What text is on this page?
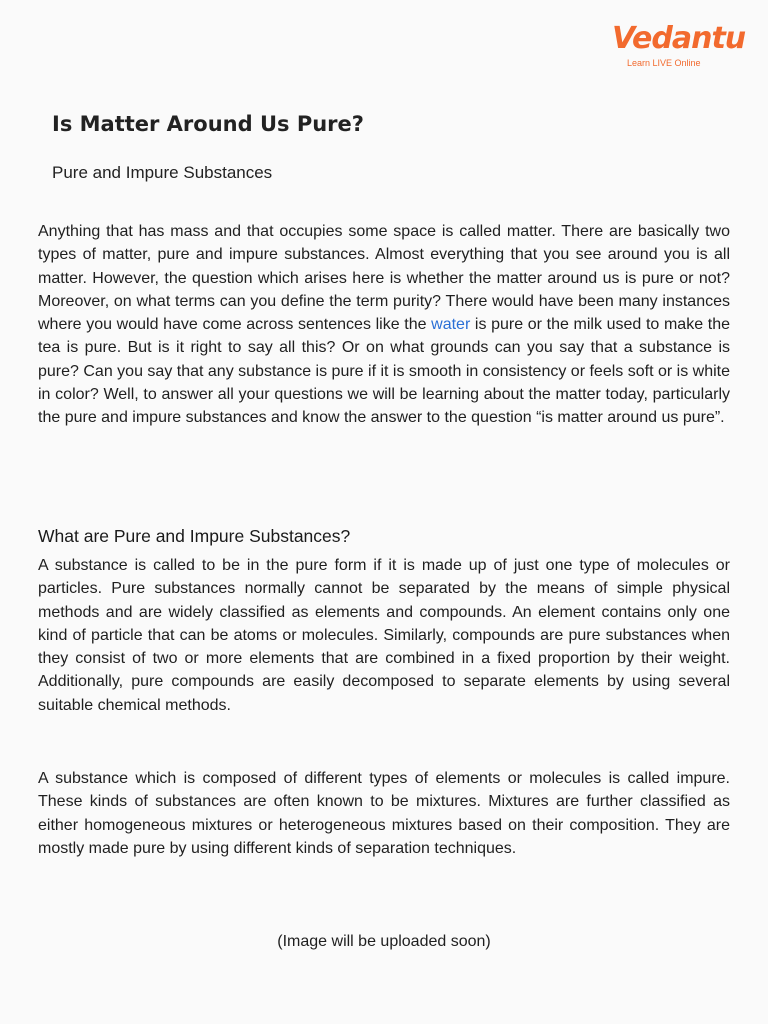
Vedantu
Learn LIVE Online
Is Matter Around Us Pure?
Pure and Impure Substances

Anything that has mass and that occupies some space is called matter. There are basically two types of matter, pure and impure substances. Almost everything that you see around you is all matter. However, the question which arises here is whether the matter around us is pure or not? Moreover, on what terms can you define the term purity? There would have been many instances where you would have come across sentences like the water is pure or the milk used to make the tea is pure. But is it right to say all this? Or on what grounds can you say that a substance is pure? Can you say that any substance is pure if it is smooth in consistency or feels soft or is white in color? Well, to answer all your questions we will be learning about the matter today, particularly the pure and impure substances and know the answer to the question “is matter around us pure”.

What are Pure and Impure Substances?

A substance is called to be in the pure form if it is made up of just one type of molecules or particles. Pure substances normally cannot be separated by the means of simple physical methods and are widely classified as elements and compounds. An element contains only one kind of particle that can be atoms or molecules. Similarly, compounds are pure substances when they consist of two or more elements that are combined in a fixed proportion by their weight. Additionally, pure compounds are easily decomposed to separate elements by using several suitable chemical methods.

A substance which is composed of different types of elements or molecules is called impure. These kinds of substances are often known to be mixtures. Mixtures are further classified as either homogeneous mixtures or heterogeneous mixtures based on their composition. They are mostly made pure by using different kinds of separation techniques.

(Image will be uploaded soon)
